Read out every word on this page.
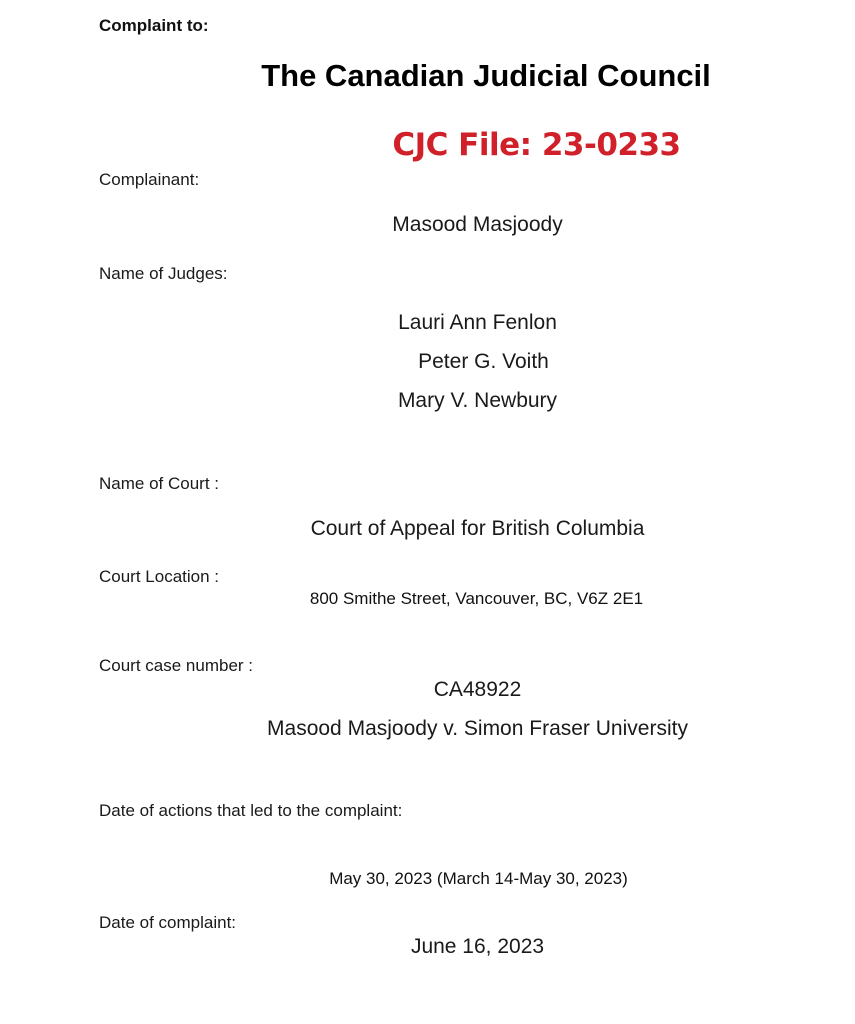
Complaint to:
The Canadian Judicial Council
CJC File: 23-0233
Complainant:
Masood Masjoody
Name of Judges:
Lauri Ann Fenlon
Peter G. Voith
Mary V. Newbury
Name of Court :
Court of Appeal for British Columbia
Court Location :
800 Smithe Street, Vancouver, BC, V6Z 2E1
Court case number :
CA48922
Masood Masjoody v. Simon Fraser University
Date of actions that led to the complaint:
May 30, 2023 (March 14-May 30, 2023)
Date of complaint:
June 16, 2023
